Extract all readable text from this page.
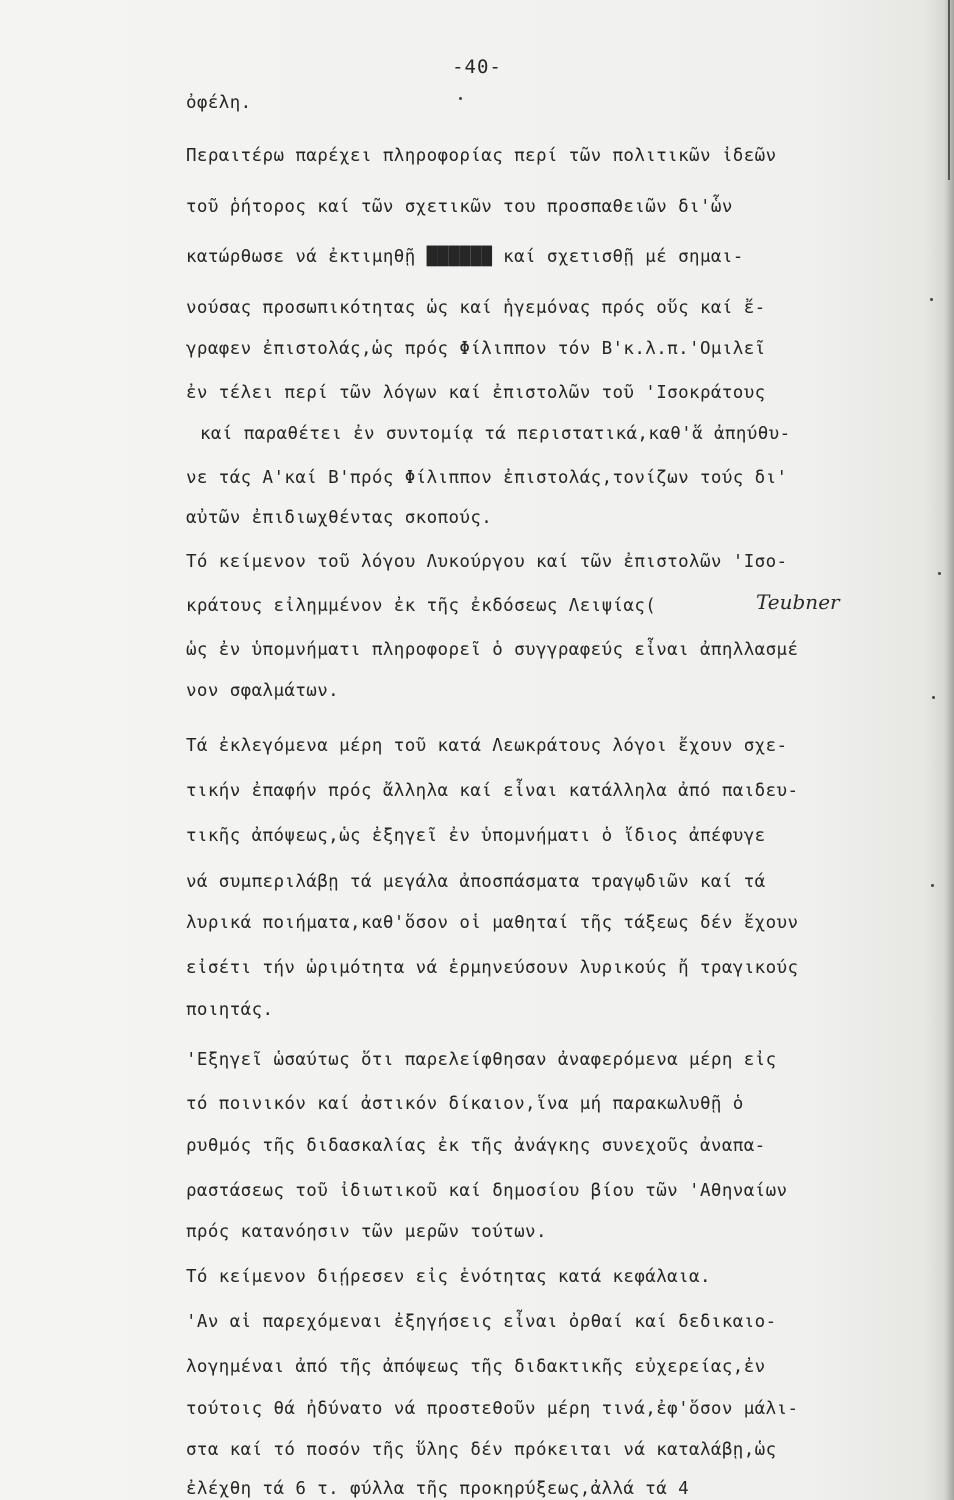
-40-
ὀφέλη.
Περαιτέρω παρέχει πληροφορίας περί τῶν πολιτικῶν ἰδεῶν
τοῦ ῥήτορος καί τῶν σχετικῶν του προσπαθειῶν δι'ὧν
κατώρθωσε νά ἐκτιμηθῇ ██████ καί σχετισθῇ μέ σημαι-
νούσας προσωπικότητας ὡς καί ἡγεμόνας πρός οὕς καί ἔ-
γραφεν ἐπιστολάς,ὡς πρός Φίλιππον τόν Β'κ.λ.π.'Ομιλεῖ
ἐν τέλει περί τῶν λόγων καί ἐπιστολῶν τοῦ 'Ισοκράτους
καί παραθέτει ἐν συντομίᾳ τά περιστατικά,καθ'ἅ ἀπηύθυ-
νε τάς Α'καί Β'πρός Φίλιππον ἐπιστολάς,τονίζων τούς δι'
αὐτῶν ἐπιδιωχθέντας σκοπούς.
Τό κείμενον τοῦ λόγου Λυκούργου καί τῶν ἐπιστολῶν 'Ισο-
κράτους εἰλημμένον ἐκ τῆς ἐκδόσεως Λειψίας(	Teubner
ὡς ἐν ὑπομνήματι πληροφορεῖ ὁ συγγραφεύς εἶναι ἀπηλλασμέ
νον σφαλμάτων.
Τά ἐκλεγόμενα μέρη τοῦ κατά Λεωκράτους λόγοι ἔχουν σχε-
τικήν ἐπαφήν πρός ἄλληλα καί εἶναι κατάλληλα ἀπό παιδευ-
τικῆς ἀπόψεως,ὡς ἐξηγεῖ ἐν ὑπομνήματι ὁ ἴδιος ἀπέφυγε
νά συμπεριλάβῃ τά μεγάλα ἀποσπάσματα τραγῳδιῶν καί τά
λυρικά ποιήματα,καθ'ὅσον οἱ μαθηταί τῆς τάξεως δέν ἔχουν
εἰσέτι τήν ὡριμότητα νά ἑρμηνεύσουν λυρικούς ἤ τραγικούς
ποιητάς.
'Εξηγεῖ ὡσαύτως ὅτι παρελείφθησαν ἀναφερόμενα μέρη εἰς
τό ποινικόν καί ἀστικόν δίκαιον,ἵνα μή παρακωλυθῇ ὁ
ρυθμός τῆς διδασκαλίας ἐκ τῆς ἀνάγκης συνεχοῦς ἀναπα-
ραστάσεως τοῦ ἰδιωτικοῦ καί δημοσίου βίου τῶν 'Αθηναίων
πρός κατανόησιν τῶν μερῶν τούτων.
Τό κείμενον διῄρεσεν εἰς ἑνότητας κατά κεφάλαια.
'Αν αἱ παρεχόμεναι ἐξηγήσεις εἶναι ὀρθαί καί δεδικαιο-
λογημέναι ἀπό τῆς ἀπόψεως τῆς διδακτικῆς εὐχερείας,ἐν
τούτοις θά ἠδύνατο νά προστεθοῦν μέρη τινά,ἐφ'ὅσον μάλι-
στα καί τό ποσόν τῆς ὕλης δέν πρόκειται νά καταλάβῃ,ὡς
ἐλέχθη τά 6 τ. φύλλα τῆς προκηρύξεως,ἀλλά τά 4
